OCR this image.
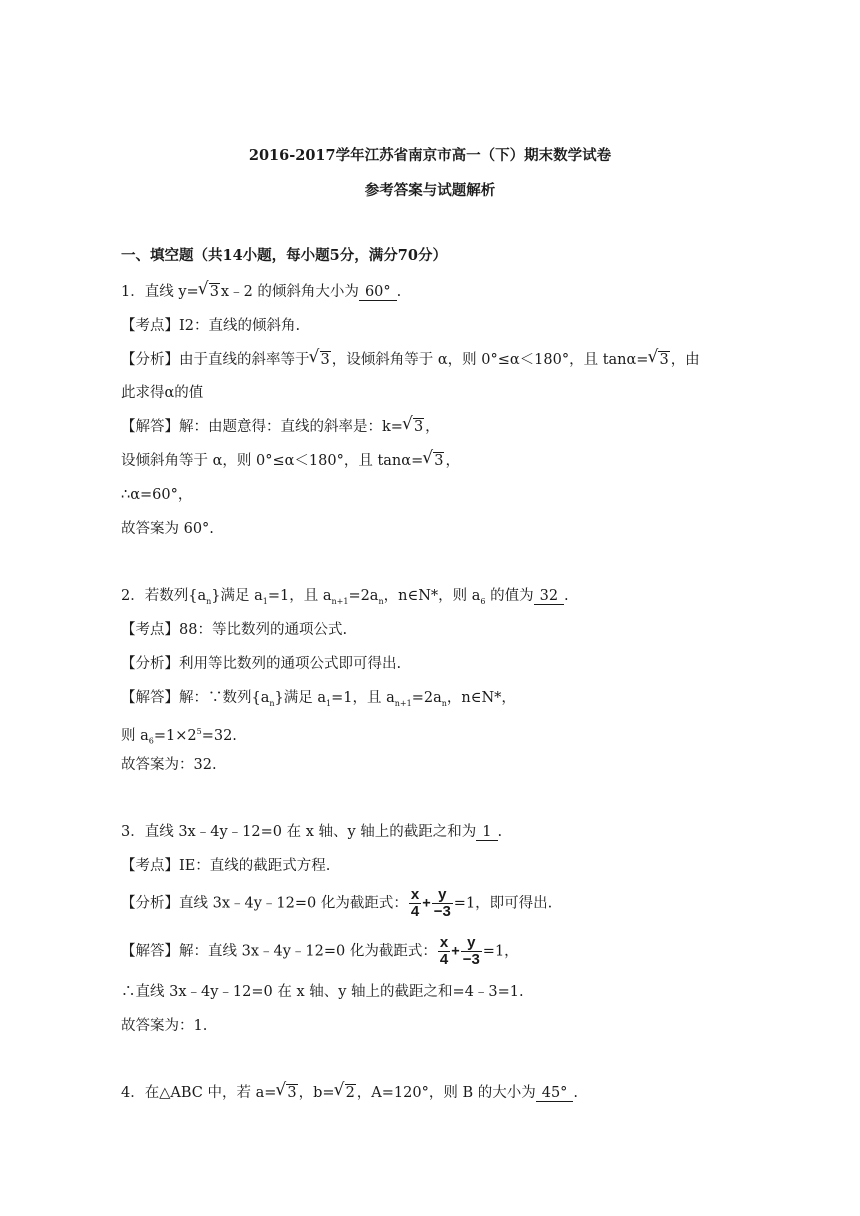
2016-2017学年江苏省南京市高一（下）期末数学试卷
参考答案与试题解析
一、填空题（共14小题，每小题5分，满分70分）
1．直线 y= √ 3 x﹣2 的倾斜角大小为 60° .
【考点】I2：直线的倾斜角.
【分析】由于直线的斜率等于 √ 3 ，设倾斜角等于 α，则 0°≤α＜180°，且 tanα= √ 3 ，由
此求得α的值
【解答】解：由题意得：直线的斜率是：k= √ 3 ，
设倾斜角等于 α，则 0°≤α＜180°，且 tanα= √ 3 ，
∴α=60°，
故答案为 60°.
2．若数列$\{a_n\}$满足 $a_1=1$，且 $a_{n+1}=2a_n$，n∈N*，则 $a_6$ 的值为 32 .
【考点】88：等比数列的通项公式.
【分析】利用等比数列的通项公式即可得出.
【解答】解：∵数列$\{a_n\}$满足 $a_1=1$，且 $a_{n+1}=2a_n$，n∈N*，
则 $a_6=1\times 2^5=32$.
故答案为：32.
3．直线 3x﹣4y﹣12=0 在 x 轴、y 轴上的截距之和为 1 .
【考点】IE：直线的截距式方程.
【分析】直线 3x﹣4y﹣12=0 化为截距式： $\frac{x}{4} + \frac{y}{-3} =1$，即可得出.
【解答】解：直线 3x﹣4y﹣12=0 化为截距式： $\frac{x}{4} + \frac{y}{-3} =1$，
∴直线 3x﹣4y﹣12=0 在 x 轴、y 轴上的截距之和=4﹣3=1.
故答案为：1.
4．在△ABC 中，若 a= √ 3 ，b= √ 2 ，A=120°，则 B 的大小为 45° .
